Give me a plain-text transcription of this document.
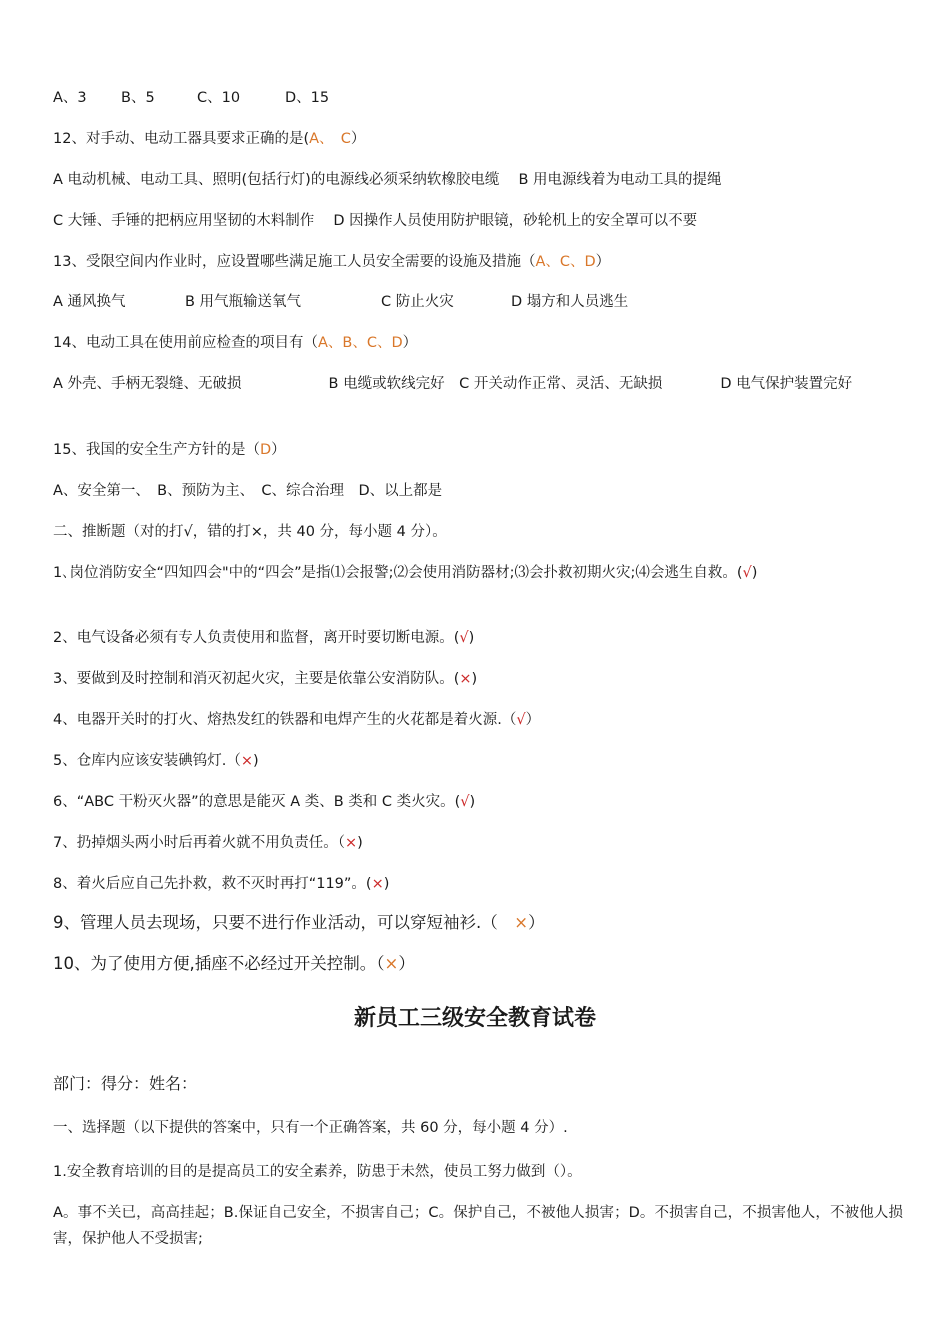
A、3	B、5	C、10	D、15
12、对手动、电动工器具要求正确的是(A、　C）
A 电动机械、电动工具、照明(包括行灯)的电源线必须采纳软橡胶电缆　 B 用电源线着为电动工具的提绳
C 大锤、手锤的把柄应用坚韧的木料制作　 D 因操作人员使用防护眼镜，砂轮机上的安全罩可以不要
13、受限空间内作业时，应设置哪些满足施工人员安全需要的设施及措施（A、C、D）
A 通风换气	B 用气瓶输送氧气	C 防止火灾	D 塌方和人员逃生
14、电动工具在使用前应检查的项目有（A、B、C、D）
A 外壳、手柄无裂缝、无破损　　　　　　B 电缆或软线完好　C 开关动作正常、灵活、无缺损　　　　D 电气保护装置完好
15、我国的安全生产方针的是（D）
A、安全第一、　B、预防为主、　C、综合治理　D、以上都是
二、推断题（对的打√，错的打×，共 40 分，每小题 4 分）。
1､岗位消防安全“四知四会"中的“四会”是指⑴会报警;⑵会使用消防器材;⑶会扑救初期火灾;⑷会逃生自救。(√)
2、电气设备必须有专人负责使用和监督，离开时要切断电源。(√)
3、要做到及时控制和消灭初起火灾，主要是依靠公安消防队。(×)
4、电器开关时的打火、熔热发红的铁器和电焊产生的火花都是着火源.（√）
5、仓库内应该安装碘钨灯.（×)
6、“ABC 干粉灭火器”的意思是能灭 A 类、B 类和 C 类火灾。(√)
7、扔掉烟头两小时后再着火就不用负责任。（×)
8、着火后应自己先扑救，救不灭时再打“119”。(×)
9、管理人员去现场，只要不进行作业活动，可以穿短袖衫.（　×）
10、为了使用方便,插座不必经过开关控制。（×）
新员工三级安全教育试卷
部门：得分：姓名：
一、选择题（以下提供的答案中，只有一个正确答案，共 60 分，每小题 4 分）.
1.安全教育培训的目的是提高员工的安全素养，防患于未然，使员工努力做到（）。
A。事不关已，高高挂起；B.保证自己安全，不损害自己；C。保护自己，不被他人损害；D。不损害自己，不损害他人，不被他人损害，保护他人不受损害;
